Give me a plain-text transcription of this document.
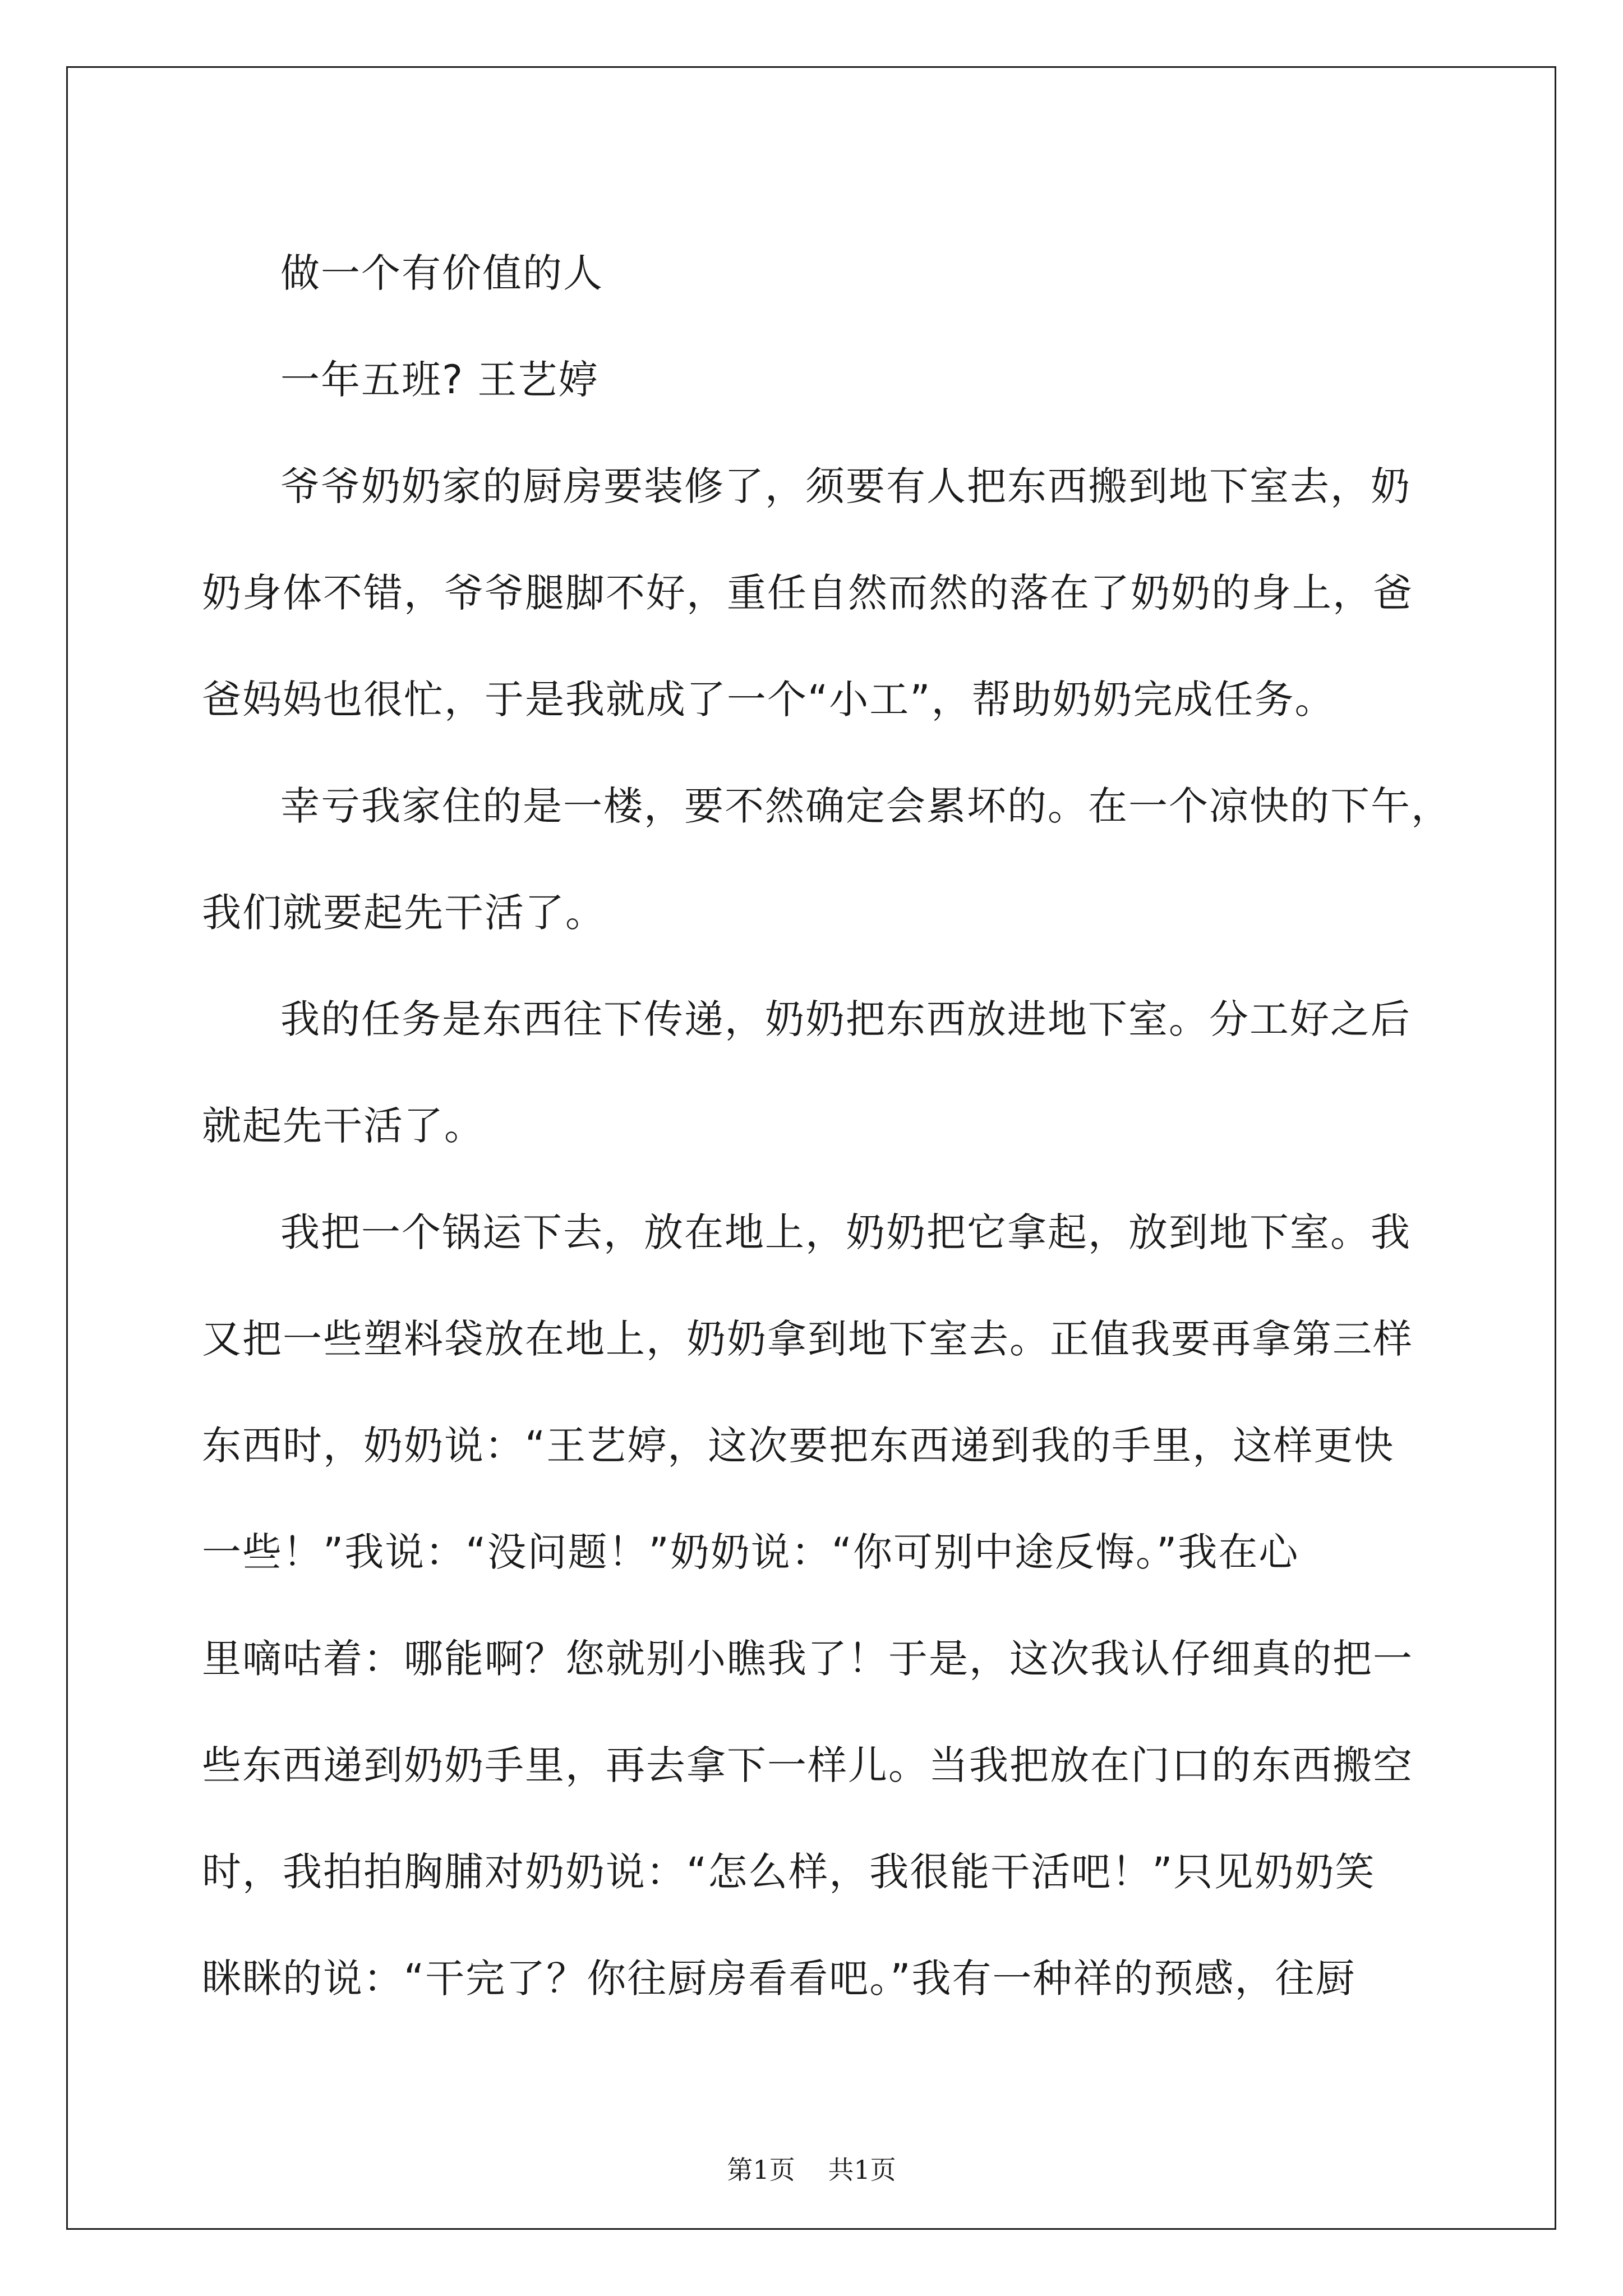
做一个有价值的人
一年五班? 王艺婷
爷爷奶奶家的厨房要装修了，须要有人把东西搬到地下室去，奶
奶身体不错，爷爷腿脚不好，重任自然而然的落在了奶奶的身上，爸
爸妈妈也很忙，于是我就成了一个“小工”，帮助奶奶完成任务。
幸亏我家住的是一楼，要不然确定会累坏的。在一个凉快的下午，
我们就要起先干活了。
我的任务是东西往下传递，奶奶把东西放进地下室。分工好之后
就起先干活了。
我把一个锅运下去，放在地上，奶奶把它拿起，放到地下室。我
又把一些塑料袋放在地上，奶奶拿到地下室去。正值我要再拿第三样
东西时，奶奶说：“王艺婷，这次要把东西递到我的手里，这样更快
一些！”我说：“没问题！”奶奶说：“你可别中途反悔。”我在心
里嘀咕着：哪能啊？您就别小瞧我了！于是，这次我认仔细真的把一
些东西递到奶奶手里，再去拿下一样儿。当我把放在门口的东西搬空
时，我拍拍胸脯对奶奶说：“怎么样，我很能干活吧！”只见奶奶笑
眯眯的说：“干完了？你往厨房看看吧。”我有一种祥的预感，往厨
第1页 共1页
